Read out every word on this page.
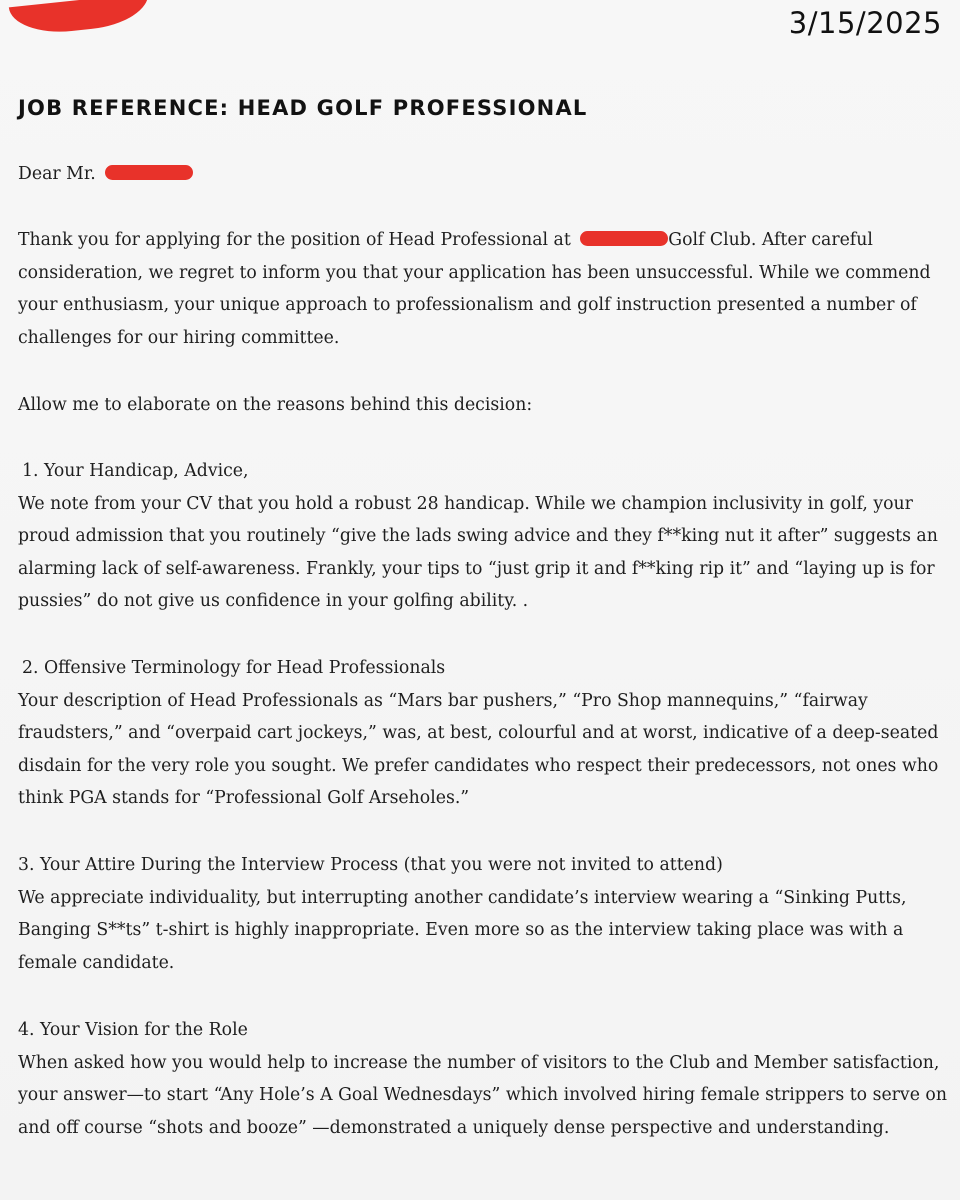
3/15/2025
JOB REFERENCE: HEAD GOLF PROFESSIONAL
Dear Mr.
Thank you for applying for the position of Head Professional at	Golf Club. After careful consideration, we regret to inform you that your application has been unsuccessful. While we commend your enthusiasm, your unique approach to professionalism and golf instruction presented a number of challenges for our hiring committee.
Allow me to elaborate on the reasons behind this decision:
1. Your Handicap, Advice,
We note from your CV that you hold a robust 28 handicap. While we champion inclusivity in golf, your proud admission that you routinely “give the lads swing advice and they f**king nut it after” suggests an alarming lack of self-awareness. Frankly, your tips to “just grip it and f**king rip it” and “laying up is for pussies” do not give us confidence in your golfing ability. .
2. Offensive Terminology for Head Professionals
Your description of Head Professionals as “Mars bar pushers,” “Pro Shop mannequins,” “fairway fraudsters,” and “overpaid cart jockeys,” was, at best, colourful and at worst, indicative of a deep-seated disdain for the very role you sought. We prefer candidates who respect their predecessors, not ones who think PGA stands for “Professional Golf Arseholes.”
3. Your Attire During the Interview Process (that you were not invited to attend)
We appreciate individuality, but interrupting another candidate’s interview wearing a “Sinking Putts, Banging S**ts” t-shirt is highly inappropriate. Even more so as the interview taking place was with a female candidate.
4. Your Vision for the Role
When asked how you would help to increase the number of visitors to the Club and Member satisfaction, your answer—to start “Any Hole’s A Goal Wednesdays” which involved hiring female strippers to serve on and off course “shots and booze” —demonstrated a uniquely dense perspective and understanding.
